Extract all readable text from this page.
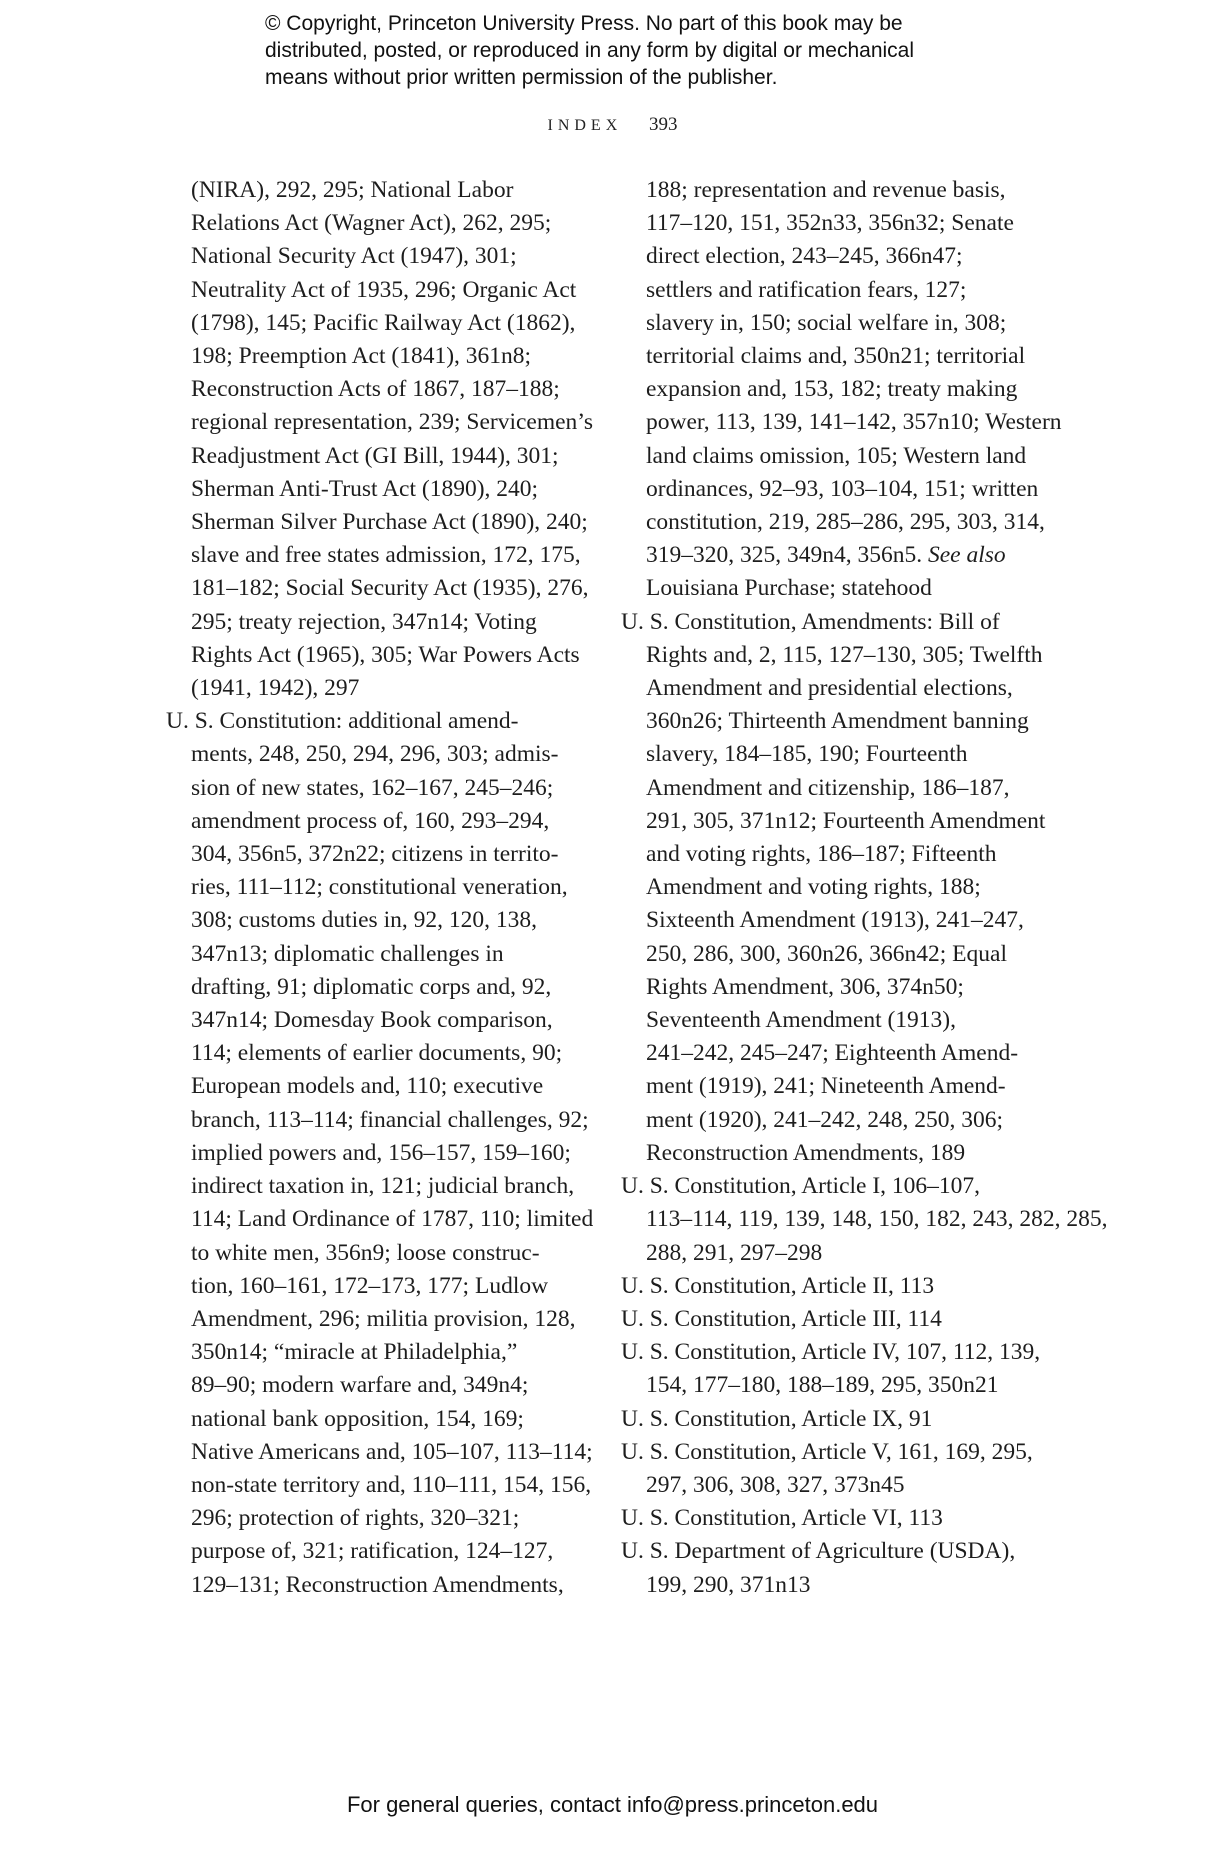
© Copyright, Princeton University Press. No part of this book may be

distributed, posted, or reproduced in any form by digital or mechanical

means without prior written permission of the publisher.

INDEX 393
(NIRA), 292, 295; National Labor
Relations Act (Wagner Act), 262, 295;
National Security Act (1947), 301;
Neutrality Act of 1935, 296; Organic Act
(1798), 145; Pacific Railway Act (1862),
198; Preemption Act (1841), 361n8;
Reconstruction Acts of 1867, 187–188;
regional representation, 239; Servicemen’s
Readjustment Act (GI Bill, 1944), 301;
Sherman Anti-Trust Act (1890), 240;
Sherman Silver Purchase Act (1890), 240;
slave and free states admission, 172, 175,
181–182; Social Security Act (1935), 276,
295; treaty rejection, 347n14; Voting
Rights Act (1965), 305; War Powers Acts
(1941, 1942), 297
U. S. Constitution: additional amend-
ments, 248, 250, 294, 296, 303; admis-
sion of new states, 162–167, 245–246;
amendment process of, 160, 293–294,
304, 356n5, 372n22; citizens in territo-
ries, 111–112; constitutional veneration,
308; customs duties in, 92, 120, 138,
347n13; diplomatic challenges in
drafting, 91; diplomatic corps and, 92,
347n14; Domesday Book comparison,
114; elements of earlier documents, 90;
European models and, 110; executive
branch, 113–114; financial challenges, 92;
implied powers and, 156–157, 159–160;
indirect taxation in, 121; judicial branch,
114; Land Ordinance of 1787, 110; limited
to white men, 356n9; loose construc-
tion, 160–161, 172–173, 177; Ludlow
Amendment, 296; militia provision, 128,
350n14; “miracle at Philadelphia,”
89–90; modern warfare and, 349n4;
national bank opposition, 154, 169;
Native Americans and, 105–107, 113–114;
non-state territory and, 110–111, 154, 156,
296; protection of rights, 320–321;
purpose of, 321; ratification, 124–127,
129–131; Reconstruction Amendments,
188; representation and revenue basis,
117–120, 151, 352n33, 356n32; Senate
direct election, 243–245, 366n47;
settlers and ratification fears, 127;
slavery in, 150; social welfare in, 308;
territorial claims and, 350n21; territorial
expansion and, 153, 182; treaty making
power, 113, 139, 141–142, 357n10; Western
land claims omission, 105; Western land
ordinances, 92–93, 103–104, 151; written
constitution, 219, 285–286, 295, 303, 314,
319–320, 325, 349n4, 356n5. See also
Louisiana Purchase; statehood
U. S. Constitution, Amendments: Bill of
Rights and, 2, 115, 127–130, 305; Twelfth
Amendment and presidential elections,
360n26; Thirteenth Amendment banning
slavery, 184–185, 190; Fourteenth
Amendment and citizenship, 186–187,
291, 305, 371n12; Fourteenth Amendment
and voting rights, 186–187; Fifteenth
Amendment and voting rights, 188;
Sixteenth Amendment (1913), 241–247,
250, 286, 300, 360n26, 366n42; Equal
Rights Amendment, 306, 374n50;
Seventeenth Amendment (1913),
241–242, 245–247; Eighteenth Amend-
ment (1919), 241; Nineteenth Amend-
ment (1920), 241–242, 248, 250, 306;
Reconstruction Amendments, 189
U. S. Constitution, Article I, 106–107,
113–114, 119, 139, 148, 150, 182, 243, 282, 285,
288, 291, 297–298
U. S. Constitution, Article II, 113
U. S. Constitution, Article III, 114
U. S. Constitution, Article IV, 107, 112, 139,
154, 177–180, 188–189, 295, 350n21
U. S. Constitution, Article IX, 91
U. S. Constitution, Article V, 161, 169, 295,
297, 306, 308, 327, 373n45
U. S. Constitution, Article VI, 113
U. S. Department of Agriculture (USDA),
199, 290, 371n13
For general queries, contact info@press.princeton.edu
